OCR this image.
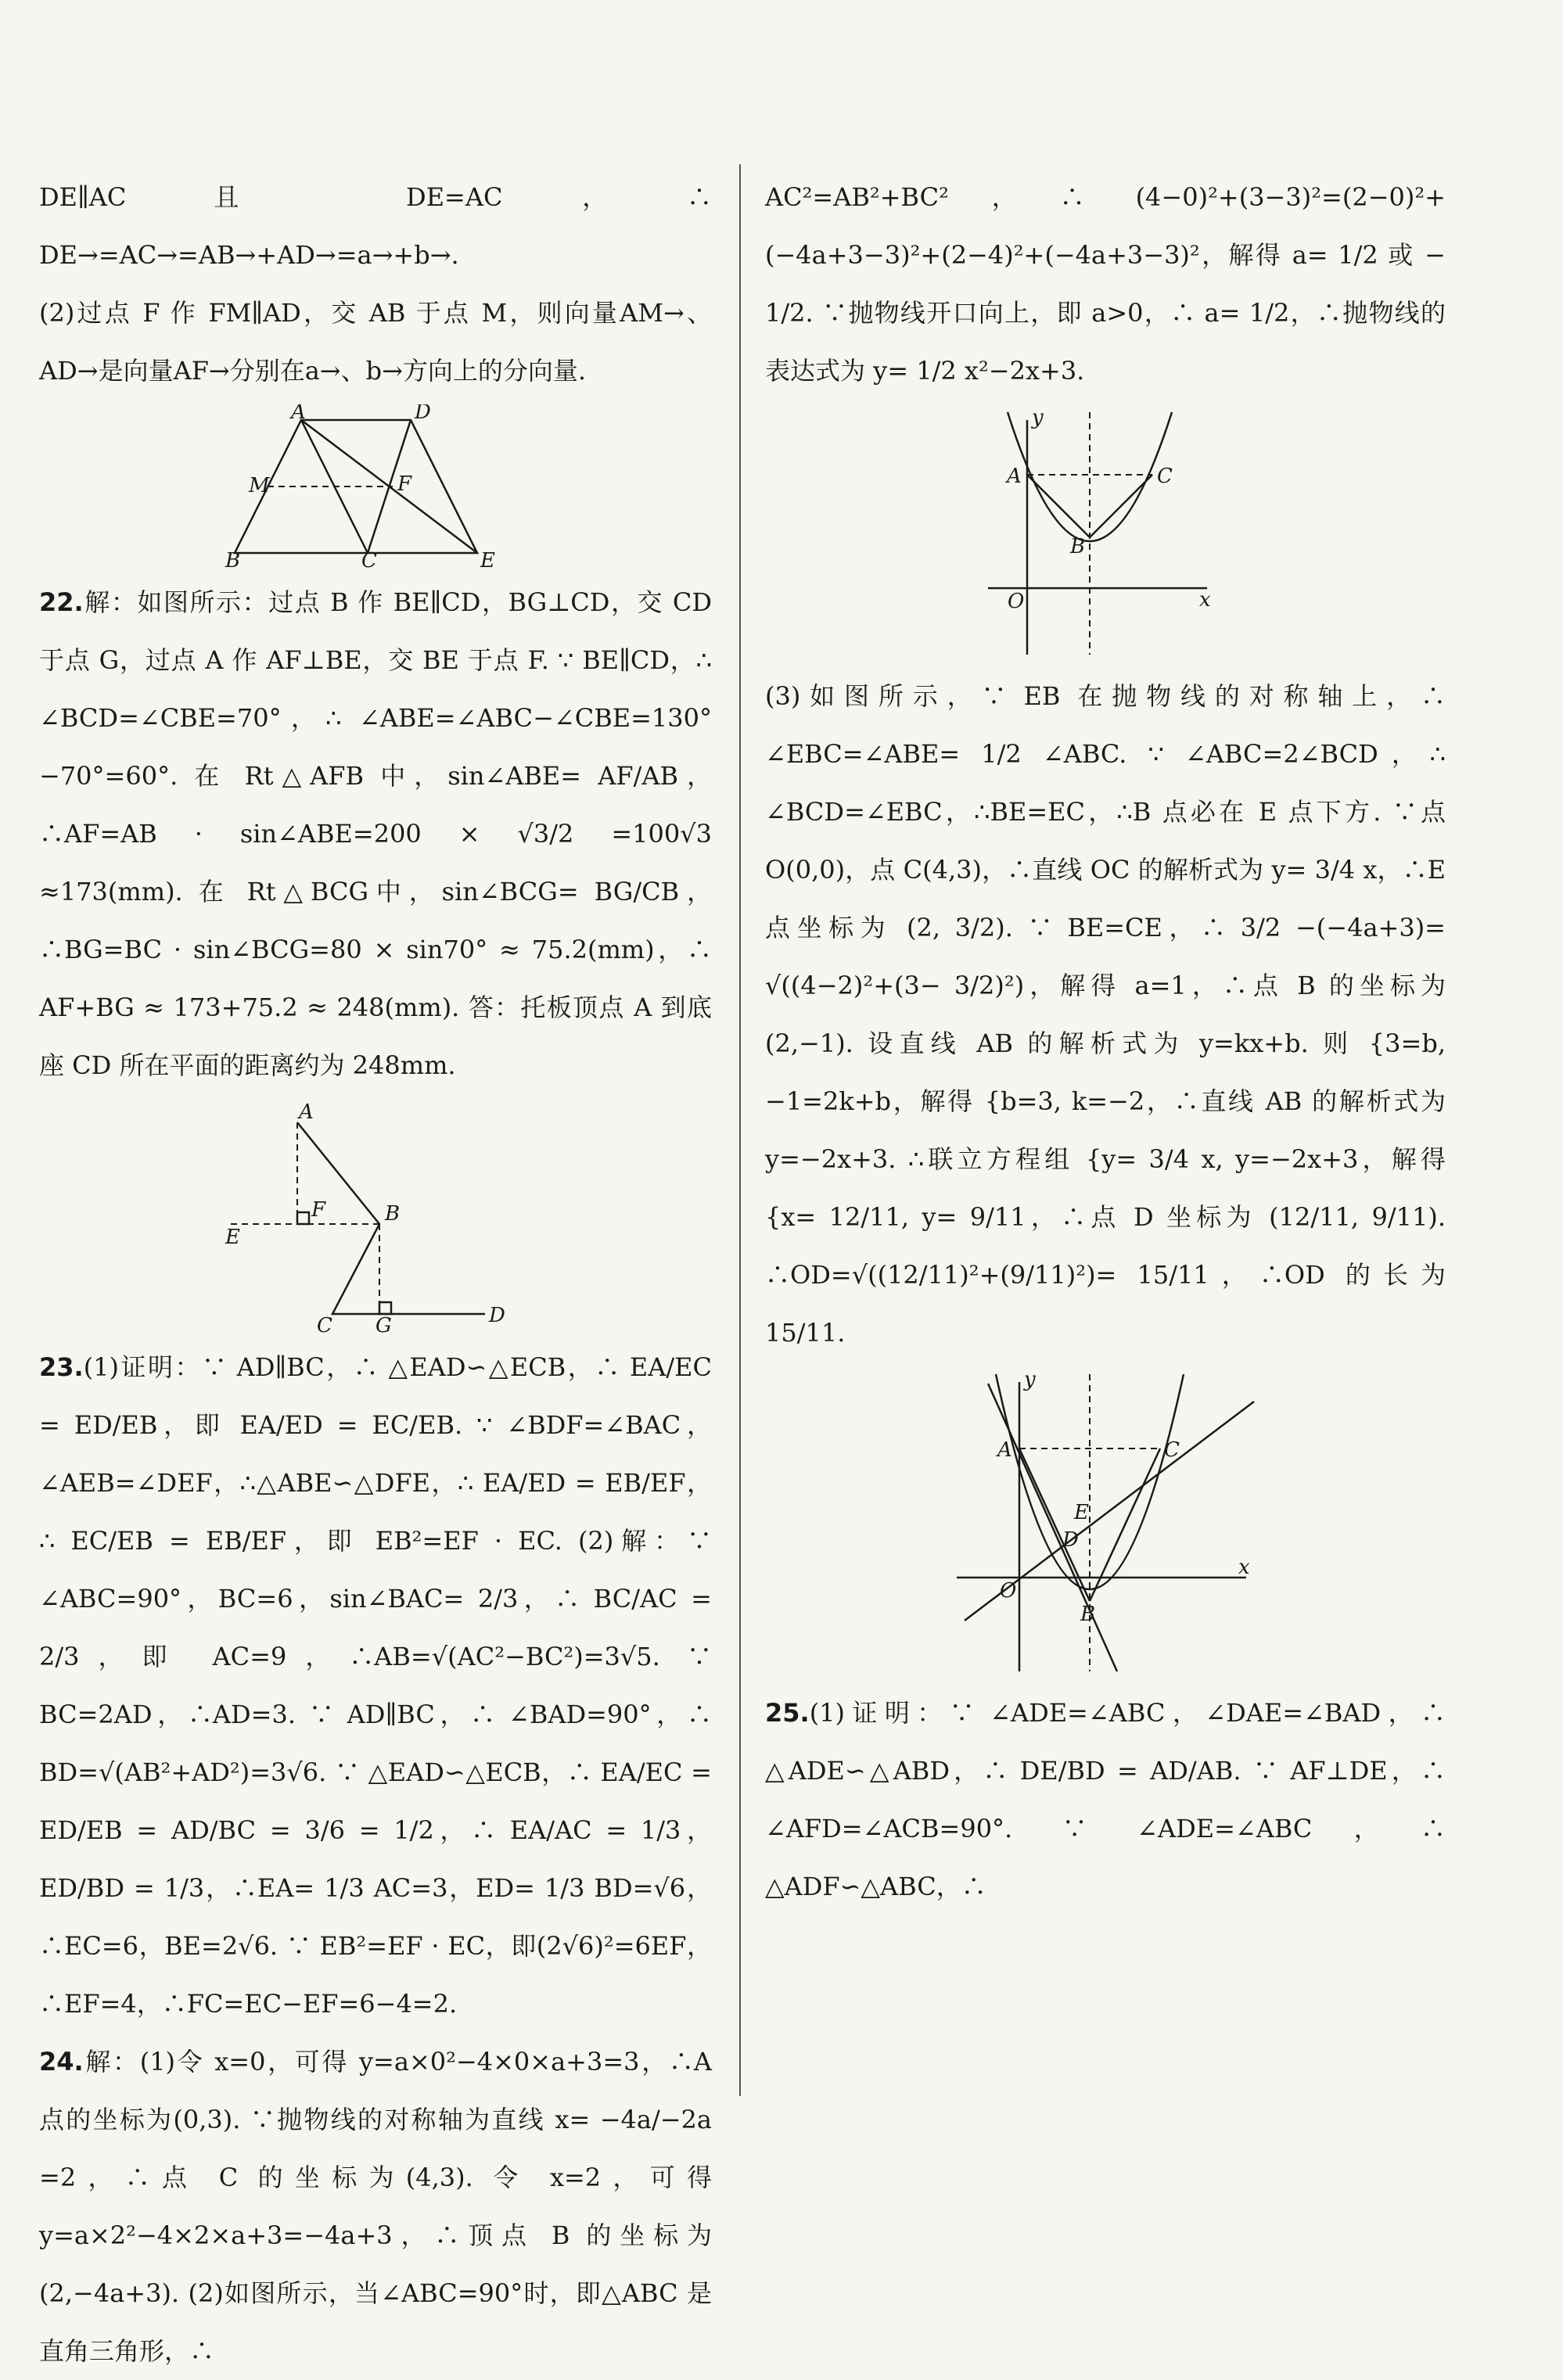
DE∥AC 且 DE=AC，∴ DE→=AC→=AB→+AD→=a→+b→.

(2)过点 F 作 FM∥AD，交 AB 于点 M，则向量AM→、AD→是向量AF→分别在a→、b→方向上的分向量.

A	D
M	F
B	C	E

22.解：如图所示：过点 B 作 BE∥CD，BG⊥CD，交 CD 于点 G，过点 A 作 AF⊥BE，交 BE 于点 F. ∵ BE∥CD，∴ ∠BCD=∠CBE=70°，∴ ∠ABE=∠ABC−∠CBE=130°−70°=60°. 在 Rt△AFB 中，sin∠ABE= AF/AB，∴AF=AB · sin∠ABE=200 × √3/2 =100√3 ≈173(mm). 在 Rt△BCG中，sin∠BCG= BG/CB，∴BG=BC · sin∠BCG=80 × sin70° ≈ 75.2(mm)，∴ AF+BG ≈ 173+75.2 ≈ 248(mm). 答：托板顶点 A 到底座 CD 所在平面的距离约为 248mm.

A
F	B
E
C G	D

23.(1)证明：∵ AD∥BC，∴ △EAD∽△ECB，∴ EA/EC = ED/EB，即 EA/ED = EC/EB. ∵ ∠BDF=∠BAC，∠AEB=∠DEF，∴△ABE∽△DFE，∴ EA/ED = EB/EF，∴ EC/EB = EB/EF，即 EB²=EF · EC. (2)解：∵ ∠ABC=90°，BC=6，sin∠BAC= 2/3，∴ BC/AC = 2/3，即 AC=9，∴AB=√(AC²−BC²)=3√5. ∵ BC=2AD，∴AD=3. ∵ AD∥BC，∴ ∠BAD=90°，∴ BD=√(AB²+AD²)=3√6. ∵ △EAD∽△ECB，∴ EA/EC = ED/EB = AD/BC = 3/6 = 1/2，∴ EA/AC = 1/3，ED/BD = 1/3，∴EA= 1/3 AC=3，ED= 1/3 BD=√6，∴EC=6，BE=2√6. ∵ EB²=EF · EC，即(2√6)²=6EF，∴EF=4，∴FC=EC−EF=6−4=2.

24.解：(1)令 x=0，可得 y=a×0²−4×0×a+3=3，∴A 点的坐标为(0,3). ∵抛物线的对称轴为直线 x= −4a/−2a =2，∴点 C 的坐标为(4,3). 令 x=2，可得 y=a×2²−4×2×a+3=−4a+3，∴顶点 B 的坐标为(2,−4a+3). (2)如图所示，当∠ABC=90°时，即△ABC 是直角三角形，∴

AC²=AB²+BC²，∴ (4−0)²+(3−3)²=(2−0)²+(−4a+3−3)²+(2−4)²+(−4a+3−3)²，解得 a= 1/2 或 − 1/2. ∵抛物线开口向上，即 a>0，∴ a= 1/2，∴抛物线的表达式为 y= 1/2 x²−2x+3.

y
A	C
B
O	x

(3)如图所示，∵ EB 在抛物线的对称轴上，∴ ∠EBC=∠ABE= 1/2 ∠ABC. ∵ ∠ABC=2∠BCD，∴ ∠BCD=∠EBC，∴BE=EC，∴B 点必在 E 点下方. ∵点 O(0,0)，点 C(4,3)，∴直线 OC 的解析式为 y= 3/4 x，∴E 点坐标为 (2, 3/2). ∵ BE=CE，∴ 3/2 −(−4a+3)= √((4−2)²+(3− 3/2)²)，解得 a=1，∴点 B 的坐标为(2,−1). 设直线 AB 的解析式为 y=kx+b. 则 {3=b, −1=2k+b，解得 {b=3, k=−2，∴直线 AB 的解析式为 y=−2x+3. ∴联立方程组 {y= 3/4 x, y=−2x+3，解得 {x= 12/11, y= 9/11，∴点 D 坐标为 (12/11, 9/11). ∴OD=√((12/11)²+(9/11)²)= 15/11，∴OD 的长为 15/11.

y
A	C
E
D
O
x
B

25.(1)证明：∵ ∠ADE=∠ABC，∠DAE=∠BAD，∴ △ADE∽△ABD，∴ DE/BD = AD/AB. ∵ AF⊥DE，∴ ∠AFD=∠ACB=90°. ∵ ∠ADE=∠ABC，∴ △ADF∽△ABC，∴
